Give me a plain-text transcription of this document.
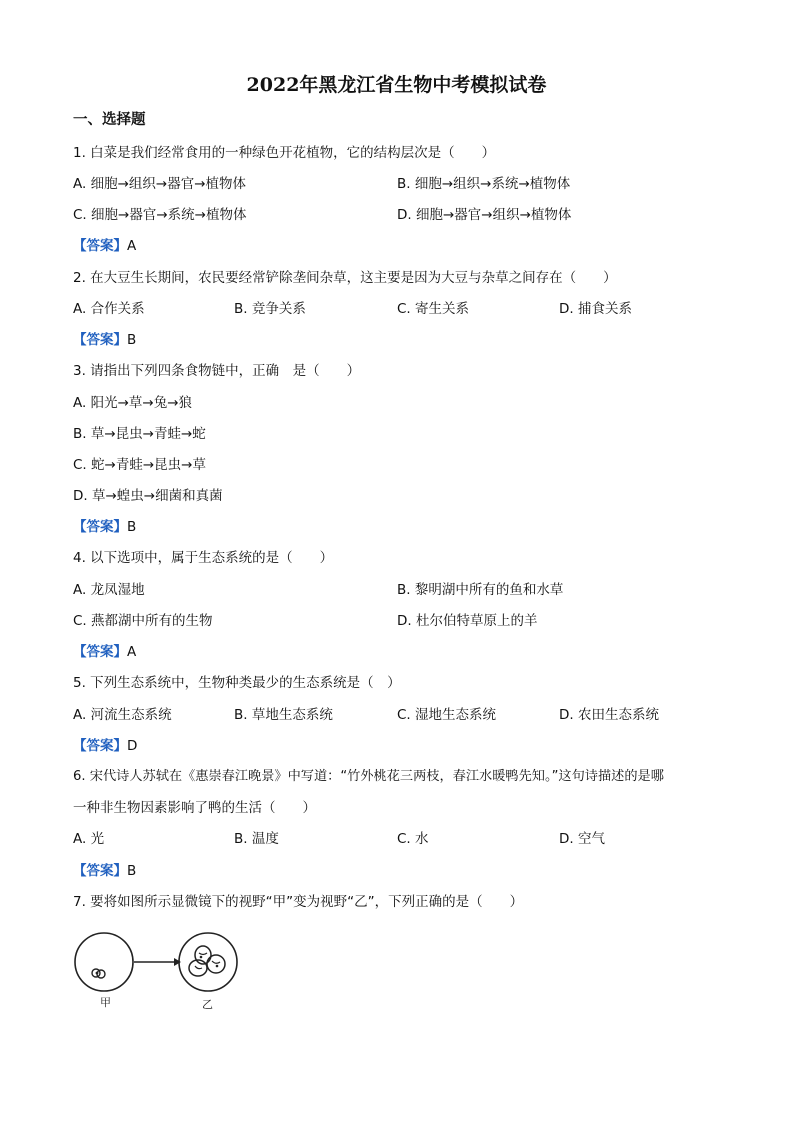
2022年黑龙江省生物中考模拟试卷
一、选择题
1. 白菜是我们经常食用的一种绿色开花植物，它的结构层次是（　　）
A. 细胞→组织→器官→植物体	B. 细胞→组织→系统→植物体
C. 细胞→器官→系统→植物体	D. 细胞→器官→组织→植物体
【答案】A
2. 在大豆生长期间，农民要经常铲除垄间杂草，这主要是因为大豆与杂草之间存在（　　）
A. 合作关系	B. 竞争关系	C. 寄生关系	D. 捕食关系
【答案】B
3. 请指出下列四条食物链中，正确　是（　　）
A. 阳光→草→兔→狼
B. 草→昆虫→青蛙→蛇
C. 蛇→青蛙→昆虫→草
D. 草→蝗虫→细菌和真菌
【答案】B
4. 以下选项中，属于生态系统的是（　　）
A. 龙凤湿地	B. 黎明湖中所有的鱼和水草
C. 燕都湖中所有的生物	D. 杜尔伯特草原上的羊
【答案】A
5. 下列生态系统中，生物种类最少的生态系统是（　）
A. 河流生态系统	B. 草地生态系统	C. 湿地生态系统	D. 农田生态系统
【答案】D
6. 宋代诗人苏轼在《惠崇春江晚景》中写道：“竹外桃花三两枝，春江水暖鸭先知。”这句诗描述的是哪
一种非生物因素影响了鸭的生活（　　）
A. 光	B. 温度	C. 水	D. 空气
【答案】B
7. 要将如图所示显微镜下的视野“甲”变为视野“乙”，下列正确的是（　　）
甲	乙
